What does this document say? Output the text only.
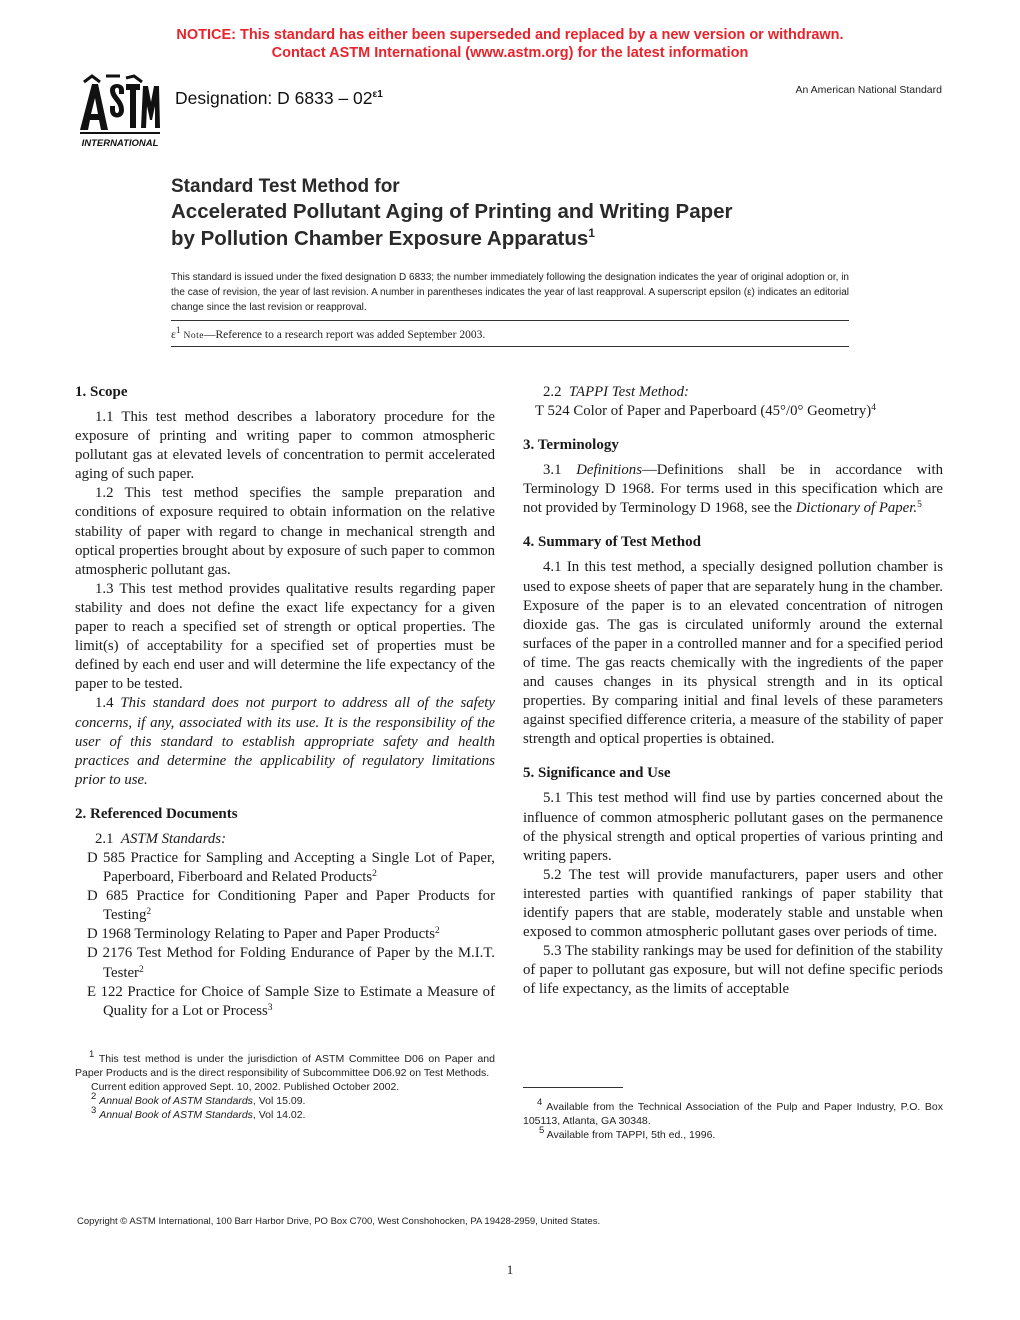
NOTICE: This standard has either been superseded and replaced by a new version or withdrawn.
Contact ASTM International (www.astm.org) for the latest information
INTERNATIONAL
Designation: D $6833 - 02^{\varepsilon 1}$	An American National Standard
Standard Test Method for
Accelerated Pollutant Aging of Printing and Writing Paper
by Pollution Chamber Exposure Apparatus$^1$
This standard is issued under the fixed designation D 6833; the number immediately following the designation indicates the year of original adoption or, in the case of revision, the year of last revision. A number in parentheses indicates the year of last reapproval. A superscript epsilon (ε) indicates an editorial change since the last revision or reapproval.
$\varepsilon^1$ Note—Reference to a research report was added September 2003.
1. Scope

1.1 This test method describes a laboratory procedure for the exposure of printing and writing paper to common atmospheric pollutant gas at elevated levels of concentration to permit accelerated aging of such paper.

1.2 This test method specifies the sample preparation and conditions of exposure required to obtain information on the relative stability of paper with regard to change in mechanical strength and optical properties brought about by exposure of such paper to common atmospheric pollutant gas.

1.3 This test method provides qualitative results regarding paper stability and does not define the exact life expectancy for a given paper to reach a specified set of strength or optical properties. The limit(s) of acceptability for a specified set of properties must be defined by each end user and will determine the life expectancy of the paper to be tested.

1.4 This standard does not purport to address all of the safety concerns, if any, associated with its use. It is the responsibility of the user of this standard to establish appropriate safety and health practices and determine the applicability of regulatory limitations prior to use.

2. Referenced Documents

2.1 ASTM Standards:

D 585 Practice for Sampling and Accepting a Single Lot of Paper, Paperboard, Fiberboard and Related Products$^2$

D 685 Practice for Conditioning Paper and Paper Products for Testing$^2$

D 1968 Terminology Relating to Paper and Paper Products$^2$

D 2176 Test Method for Folding Endurance of Paper by the M.I.T. Tester$^2$

E 122 Practice for Choice of Sample Size to Estimate a Measure of Quality for a Lot or Process$^3$

$^1$ This test method is under the jurisdiction of ASTM Committee D06 on Paper and Paper Products and is the direct responsibility of Subcommittee D06.92 on Test Methods.

Current edition approved Sept. 10, 2002. Published October 2002.

$^2$ Annual Book of ASTM Standards, Vol 15.09.

$^3$ Annual Book of ASTM Standards, Vol 14.02.

2.2 TAPPI Test Method:

T 524 Color of Paper and Paperboard (45°/0° Geometry)$^4$

3. Terminology

3.1 Definitions—Definitions shall be in accordance with Terminology D 1968. For terms used in this specification which are not provided by Terminology D 1968, see the Dictionary of Paper.$^5$

4. Summary of Test Method

4.1 In this test method, a specially designed pollution chamber is used to expose sheets of paper that are separately hung in the chamber. Exposure of the paper is to an elevated concentration of nitrogen dioxide gas. The gas is circulated uniformly around the external surfaces of the paper in a controlled manner and for a specified period of time. The gas reacts chemically with the ingredients of the paper and causes changes in its physical strength and in its optical properties. By comparing initial and final levels of these parameters against specified difference criteria, a measure of the stability of paper strength and optical properties is obtained.

5. Significance and Use

5.1 This test method will find use by parties concerned about the influence of common atmospheric pollutant gases on the permanence of the physical strength and optical properties of various printing and writing papers.

5.2 The test will provide manufacturers, paper users and other interested parties with quantified rankings of paper stability that identify papers that are stable, moderately stable and unstable when exposed to common atmospheric pollutant gases over periods of time.

5.3 The stability rankings may be used for definition of the stability of paper to pollutant gas exposure, but will not define specific periods of life expectancy, as the limits of acceptable

$^4$ Available from the Technical Association of the Pulp and Paper Industry, P.O. Box 105113, Atlanta, GA 30348.

$^5$ Available from TAPPI, 5th ed., 1996.

Copyright © ASTM International, 100 Barr Harbor Drive, PO Box C700, West Conshohocken, PA 19428-2959, United States.
1
